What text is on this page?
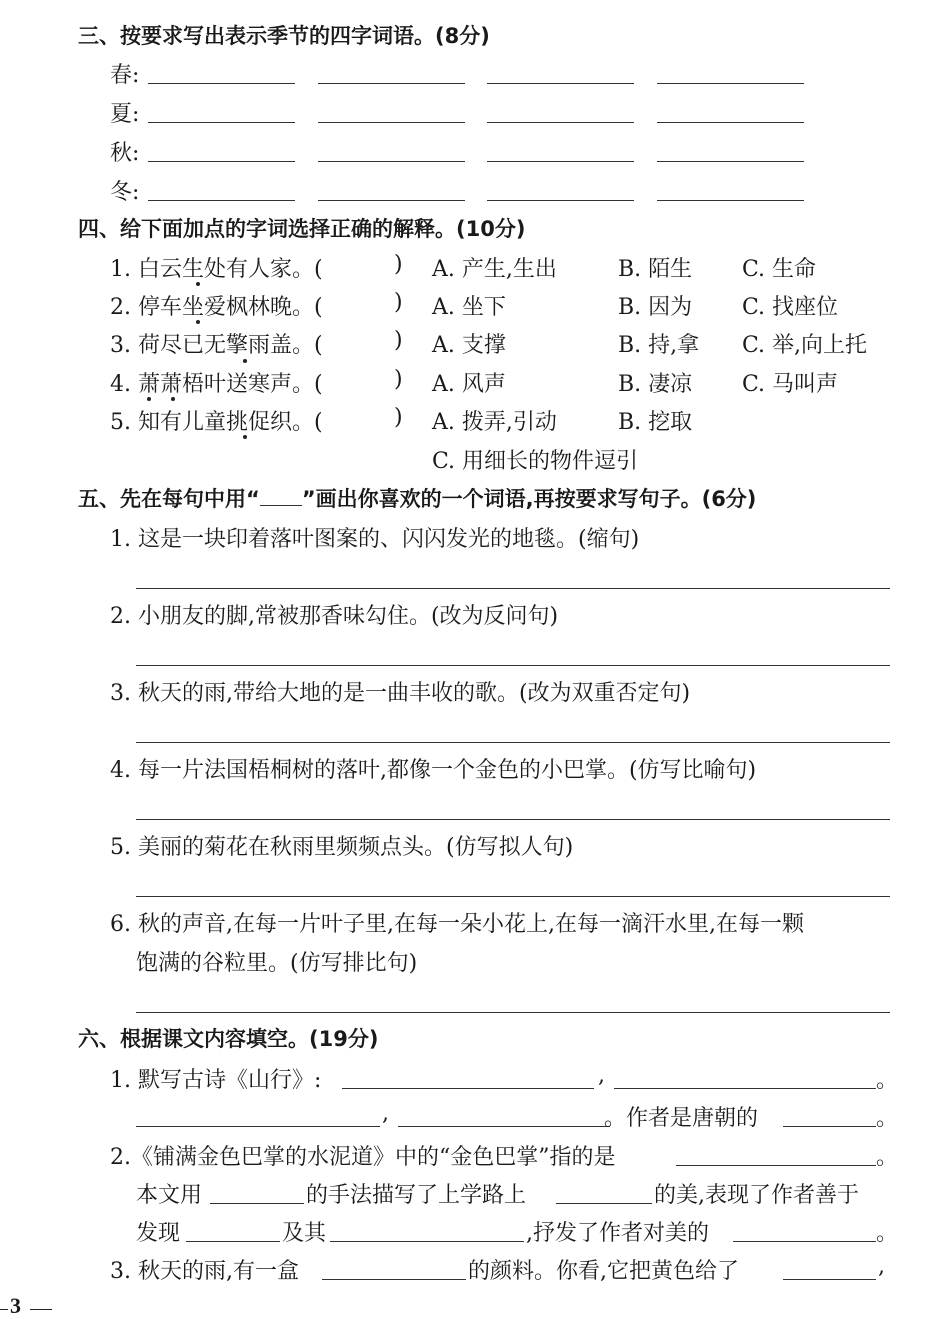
三、按要求写出表示季节的四字词语。(8分)
春:
夏:
秋:
冬:
四、给下面加点的字词选择正确的解释。(10分)
1. 白云生处有人家。(	) A. 产生,生出	B. 陌生 C. 生命
2. 停车坐爱枫林晚。(	) A. 坐下	B. 因为 C. 找座位
3. 荷尽已无擎雨盖。(	) A. 支撑	B. 持,拿 C. 举,向上托
4. 萧萧梧叶送寒声。(	) A. 风声	B. 凄凉 C. 马叫声
5. 知有儿童挑促织。(	) A. 拨弄,引动	B. 挖取
C. 用细长的物件逗引
五、先在每句中用“ ”画出你喜欢的一个词语,再按要求写句子。(6分)
1. 这是一块印着落叶图案的、闪闪发光的地毯。(缩句)
2. 小朋友的脚,常被那香味勾住。(改为反问句)
3. 秋天的雨,带给大地的是一曲丰收的歌。(改为双重否定句)
4. 每一片法国梧桐树的落叶,都像一个金色的小巴掌。(仿写比喻句)
5. 美丽的菊花在秋雨里频频点头。(仿写拟人句)
6. 秋的声音,在每一片叶子里,在每一朵小花上,在每一滴汗水里,在每一颗
饱满的谷粒里。(仿写排比句)
六、根据课文内容填空。(19分)
1. 默写古诗《山行》:	,	。
,	。作者是唐朝的	。
2.《铺满金色巴掌的水泥道》中的“金色巴掌”指的是	。
本文用	的手法描写了上学路上	的美,表现了作者善于
发现	及其	,抒发了作者对美的	。
3. 秋天的雨,有一盒	的颜料。你看,它把黄色给了	,
3
